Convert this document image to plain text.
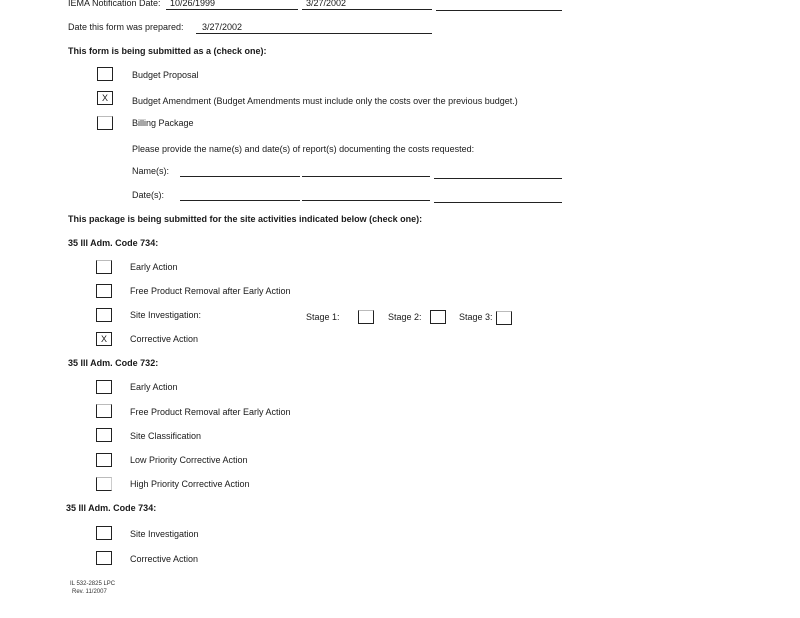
IEMA Notification Date: 10/26/1999	3/27/2002
Date this form was prepared: 3/27/2002
This form is being submitted as a (check one):
Budget Proposal
X	Budget Amendment (Budget Amendments must include only the costs over the previous budget.)
Billing Package
Please provide the name(s) and date(s) of report(s) documenting the costs requested:
Name(s):
Date(s):
This package is being submitted for the site activities indicated below (check one):
35 Ill Adm. Code 734:
Early Action
Free Product Removal after Early Action
Site Investigation:	Stage 1:	Stage 2:	Stage 3:
X	Corrective Action
35 Ill Adm. Code 732:
Early Action
Free Product Removal after Early Action
Site Classification
Low Priority Corrective Action
High Priority Corrective Action
35 Ill Adm. Code 734:
Site Investigation
Corrective Action
IL 532-2825 LPC
Rev. 11/2007
